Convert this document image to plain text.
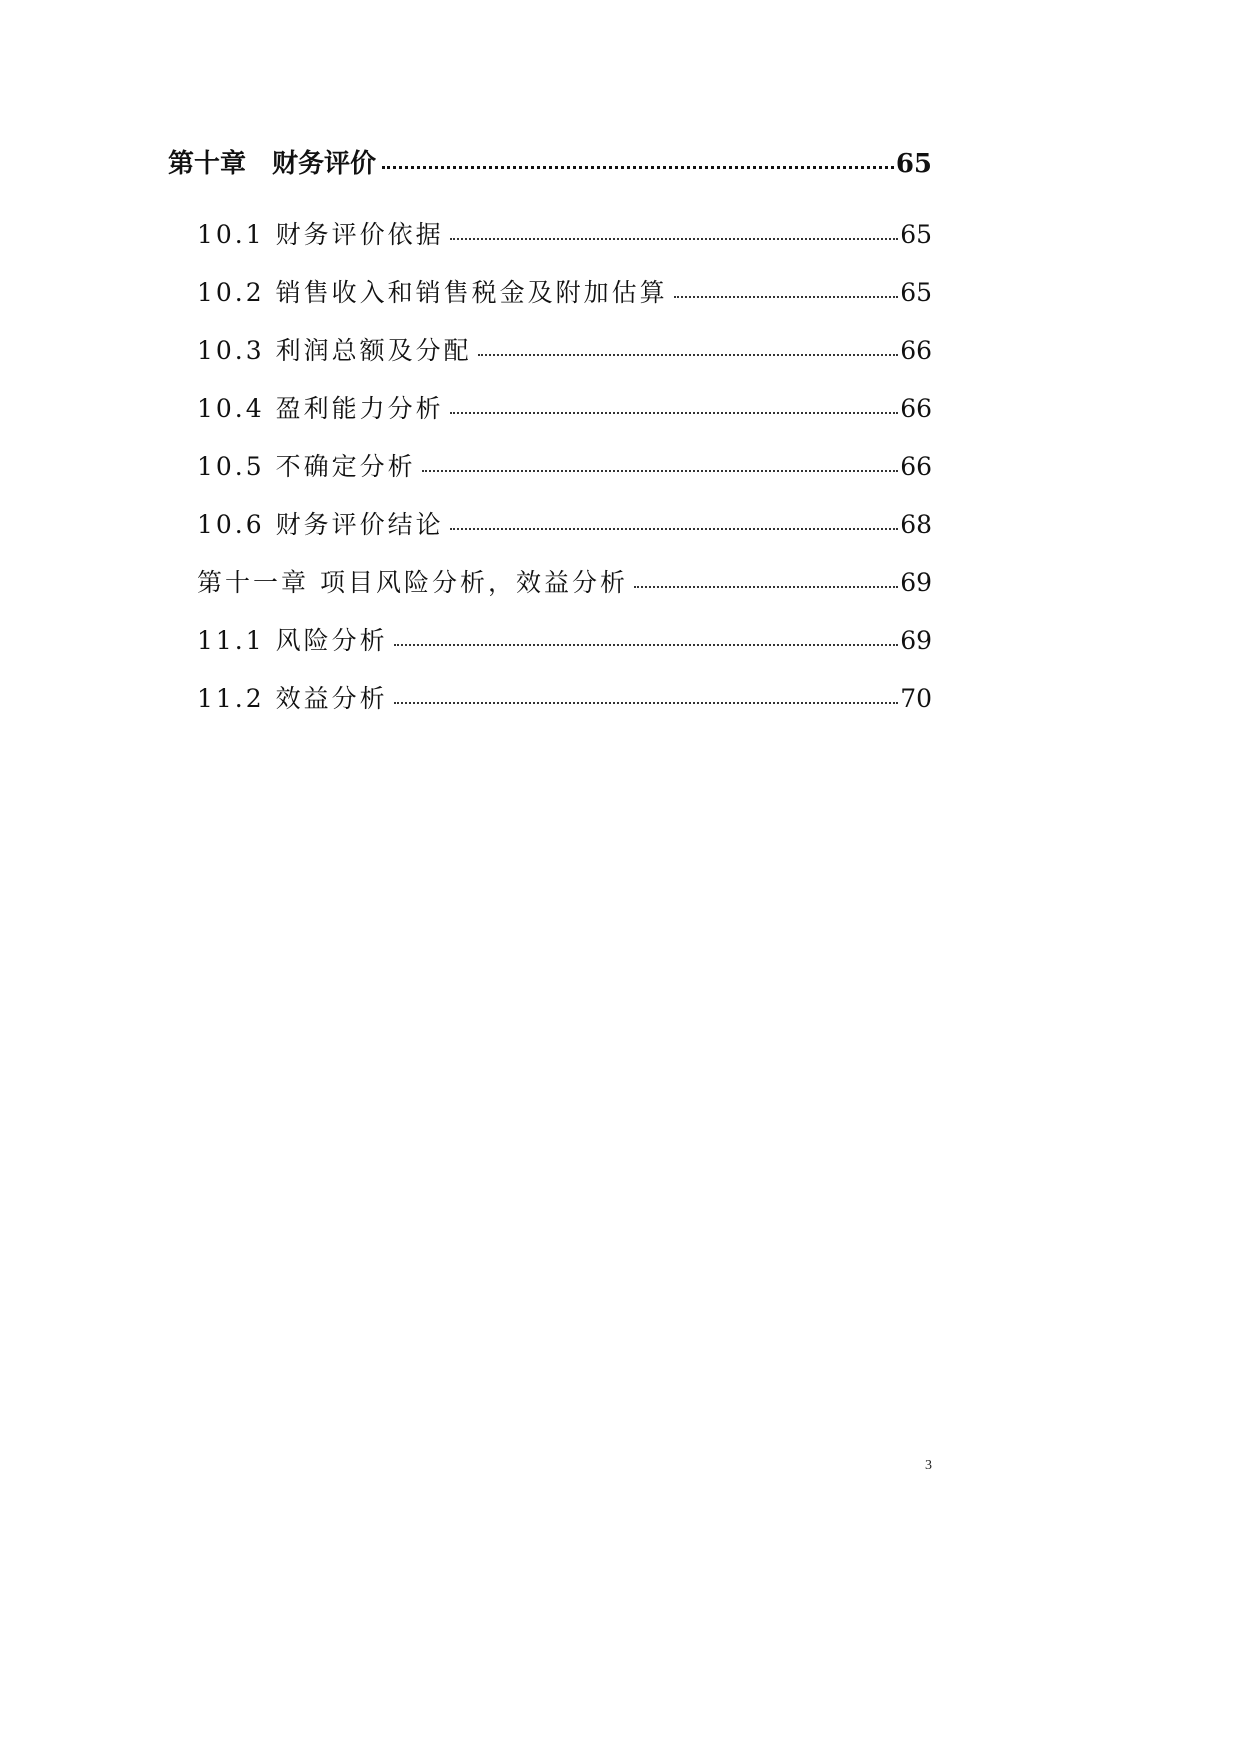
第十章　财务评价	65
10.1 财务评价依据	65
10.2 销售收入和销售税金及附加估算	65
10.3 利润总额及分配	66
10.4 盈利能力分析	66
10.5 不确定分析	66
10.6 财务评价结论	68
第十一章 项目风险分析，效益分析	69
11.1 风险分析	69
11.2 效益分析	70
3
